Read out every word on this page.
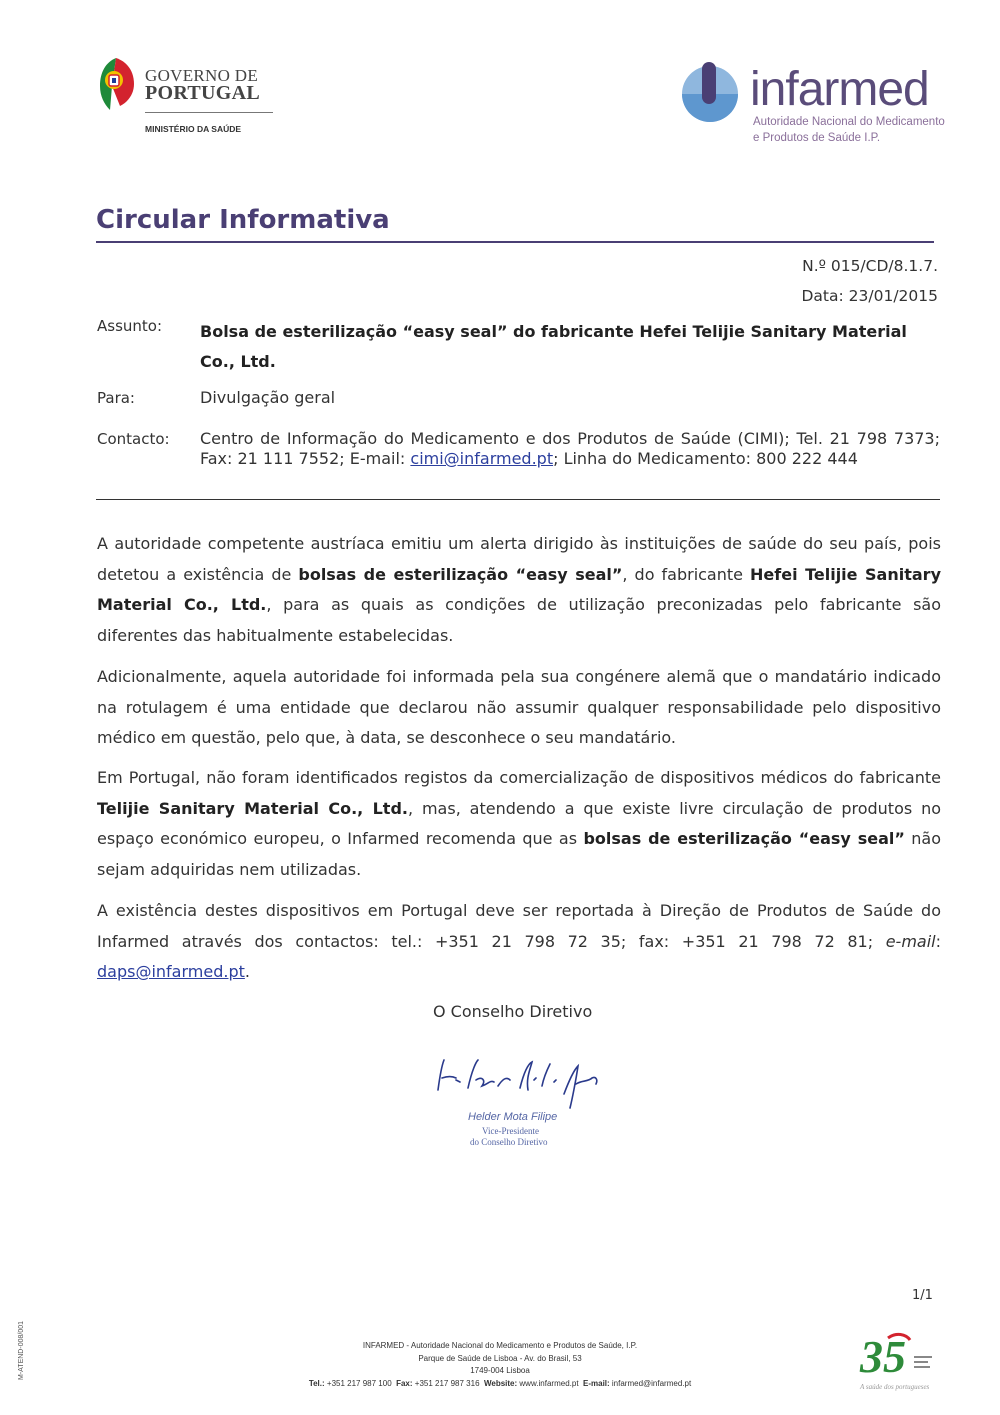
GOVERNO DE
PORTUGAL
MINISTÉRIO DA SAÚDE
infarmed
Autoridade Nacional do Medicamento
e Produtos de Saúde I.P.
Circular Informativa
N.º 015/CD/8.1.7.
Data: 23/01/2015
Assunto: Bolsa de esterilização “easy seal” do fabricante Hefei Telijie Sanitary Material Co., Ltd.
Para:	Divulgação geral
Contacto: Centro de Informação do Medicamento e dos Produtos de Saúde (CIMI); Tel. 21 798 7373; Fax: 21 111 7552; E-mail: cimi@infarmed.pt; Linha do Medicamento: 800 222 444
A autoridade competente austríaca emitiu um alerta dirigido às instituições de saúde do seu país, pois detetou a existência de bolsas de esterilização “easy seal”, do fabricante Hefei Telijie Sanitary Material Co., Ltd., para as quais as condições de utilização preconizadas pelo fabricante são diferentes das habitualmente estabelecidas.
Adicionalmente, aquela autoridade foi informada pela sua congénere alemã que o mandatário indicado na rotulagem é uma entidade que declarou não assumir qualquer responsabilidade pelo dispositivo médico em questão, pelo que, à data, se desconhece o seu mandatário.
Em Portugal, não foram identificados registos da comercialização de dispositivos médicos do fabricante Telijie Sanitary Material Co., Ltd., mas, atendendo a que existe livre circulação de produtos no espaço económico europeu, o Infarmed recomenda que as bolsas de esterilização “easy seal” não sejam adquiridas nem utilizadas.
A existência destes dispositivos em Portugal deve ser reportada à Direção de Produtos de Saúde do Infarmed através dos contactos: tel.: +351 21 798 72 35; fax: +351 21 798 72 81; e-mail: daps@infarmed.pt.
O Conselho Diretivo
Helder Mota Filipe
Vice-Presidente
do Conselho Diretivo
1/1
M-ATEND-008/001	INFARMED - Autoridade Nacional do Medicamento e Produtos de Saúde, I.P.
Parque de Saúde de Lisboa - Av. do Brasil, 53
1749-004 Lisboa
Tel.: +351 217 987 100 Fax: +351 217 987 316 Website: www.infarmed.pt E-mail: infarmed@infarmed.pt
35
A saúde dos portugueses
